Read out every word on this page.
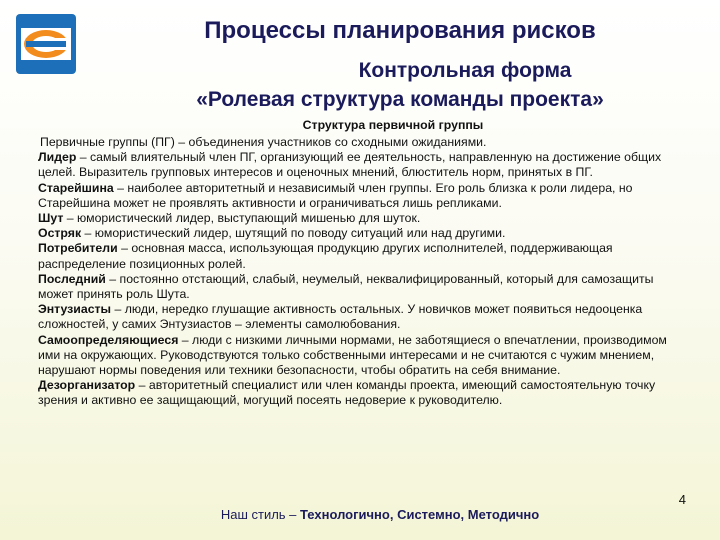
Процессы планирования рисков
Контрольная форма
«Ролевая структура команды проекта»
Структура первичной группы

Первичные группы (ПГ) – объединения участников со сходными ожиданиями.

Лидер – самый влиятельный член ПГ, организующий ее деятельность, направленную на достижение общих целей. Выразитель групповых интересов и оценочных мнений, блюститель норм, принятых в ПГ.

Старейшина – наиболее авторитетный и независимый член группы. Его роль близка к роли лидера, но Старейшина может не проявлять активности и ограничиваться лишь репликами.

Шут – юмористический лидер, выступающий мишенью для шуток.

Остряк – юмористический лидер, шутящий по поводу ситуаций или над другими.

Потребители – основная масса, использующая продукцию других исполнителей, поддерживающая распределение позиционных ролей.

Последний – постоянно отстающий, слабый, неумелый, неквалифицированный, который для самозащиты может принять роль Шута.

Энтузиасты – люди, нередко глушащие активность остальных. У новичков может появиться недооценка сложностей, у самих Энтузиастов – элементы самолюбования.

Самоопределяющиеся – люди с низкими личными нормами, не заботящиеся о впечатлении, производимом ими на окружающих. Руководствуются только собственными интересами и не считаются с чужим мнением, нарушают нормы поведения или техники безопасности, чтобы обратить на себя внимание.

Дезорганизатор – авторитетный специалист или член команды проекта, имеющий самостоятельную точку зрения и активно ее защищающий, могущий посеять недоверие к руководителю.

4
Наш стиль – Технологично, Системно, Методично
